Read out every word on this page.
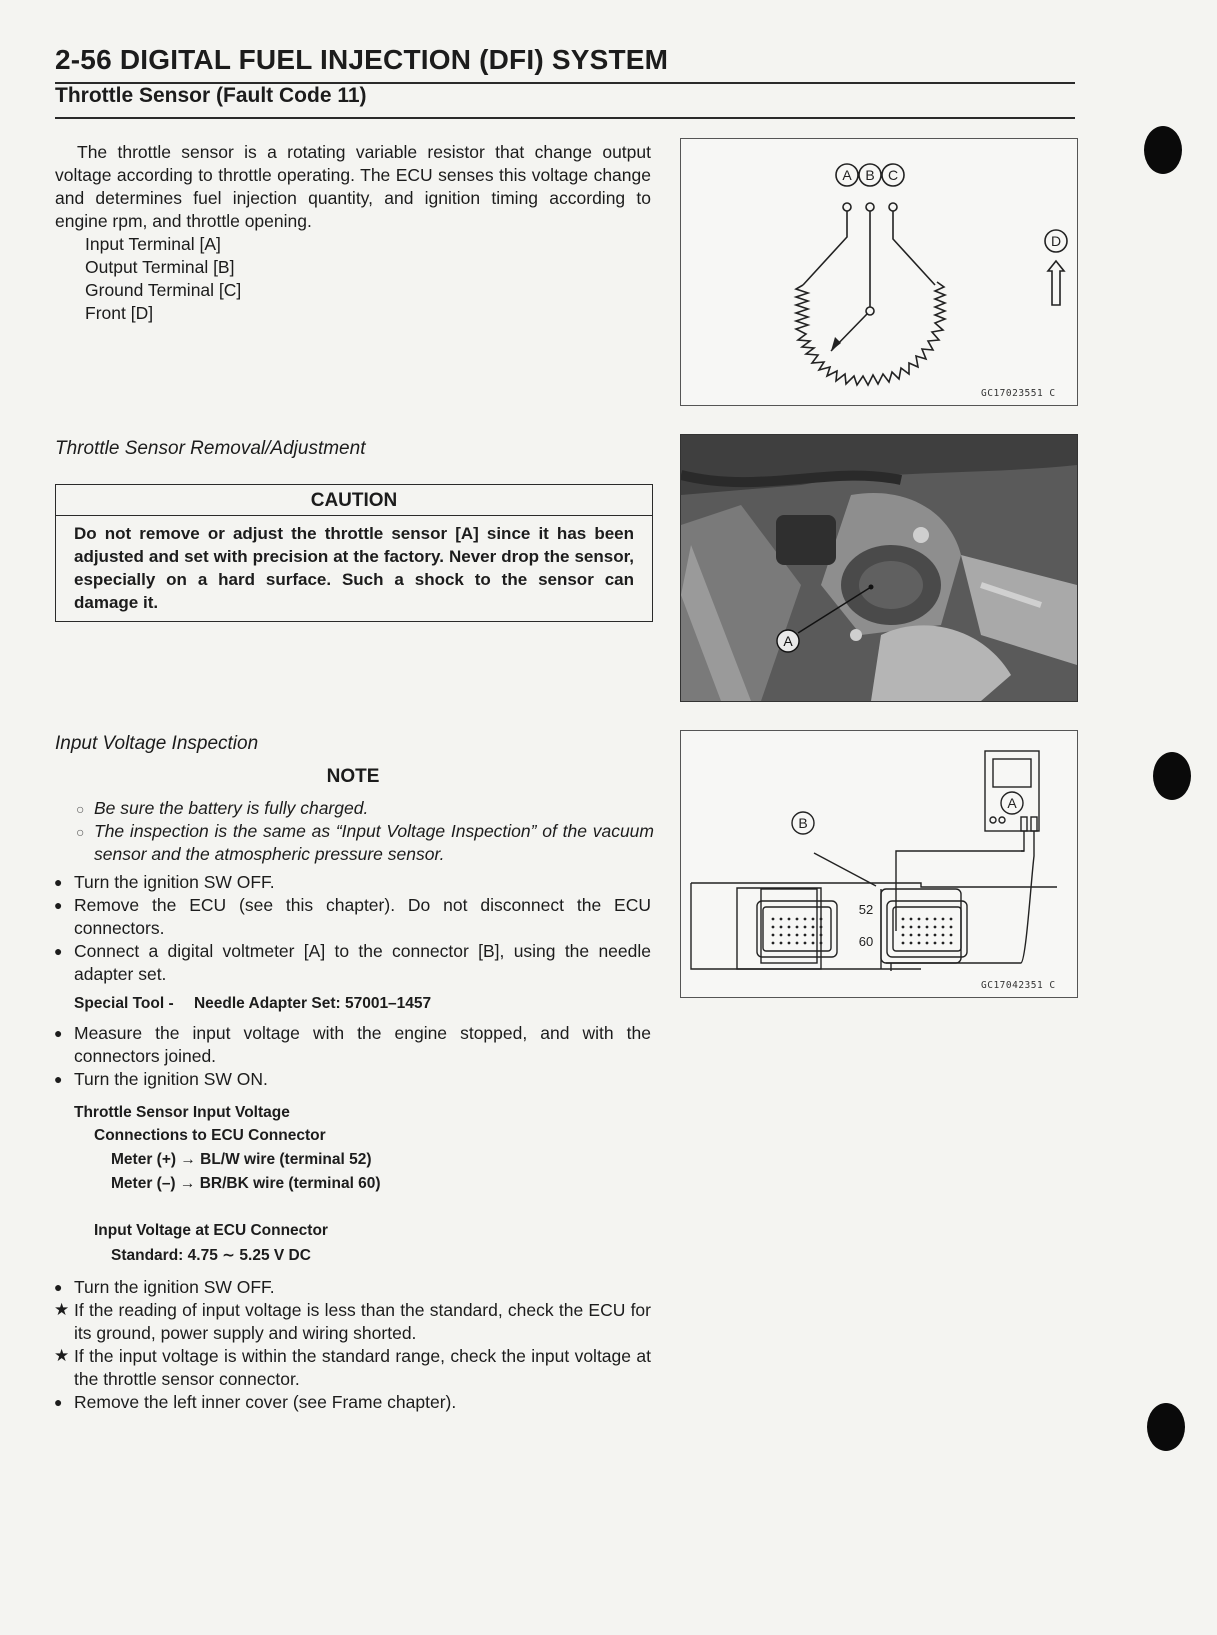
2-56 DIGITAL FUEL INJECTION (DFI) SYSTEM
Throttle Sensor (Fault Code 11)
The throttle sensor is a rotating variable resistor that change output voltage according to throttle operating. The ECU senses this voltage change and determines fuel injection quantity, and ignition timing according to engine rpm, and throttle opening.
Input Terminal [A]
Output Terminal [B]
Ground Terminal [C]
Front [D]
A B C
D
GC17023551 C
Throttle Sensor Removal/Adjustment
CAUTION
Do not remove or adjust the throttle sensor [A] since it has been adjusted and set with precision at the factory. Never drop the sensor, especially on a hard surface. Such a shock to the sensor can damage it.
A
Input Voltage Inspection
NOTE
○ Be sure the battery is fully charged.
○ The inspection is the same as “Input Voltage Inspection” of the vacuum sensor and the atmospheric pressure sensor.
● Turn the ignition SW OFF.
● Remove the ECU (see this chapter). Do not disconnect the ECU connectors.
● Connect a digital voltmeter [A] to the connector [B], using the needle adapter set.
Special Tool - Needle Adapter Set: 57001–1457
● Measure the input voltage with the engine stopped, and with the connectors joined.
● Turn the ignition SW ON.
Throttle Sensor Input Voltage
Connections to ECU Connector
Meter (+) → BL/W wire (terminal 52)
Meter (–) → BR/BK wire (terminal 60)
Input Voltage at ECU Connector
Standard: 4.75 ∼ 5.25 V DC
● Turn the ignition SW OFF.
★ If the reading of input voltage is less than the standard, check the ECU for its ground, power supply and wiring shorted.
★ If the input voltage is within the standard range, check the input voltage at the throttle sensor connector.
● Remove the left inner cover (see Frame chapter).
A
B
52
60
GC17042351 C
